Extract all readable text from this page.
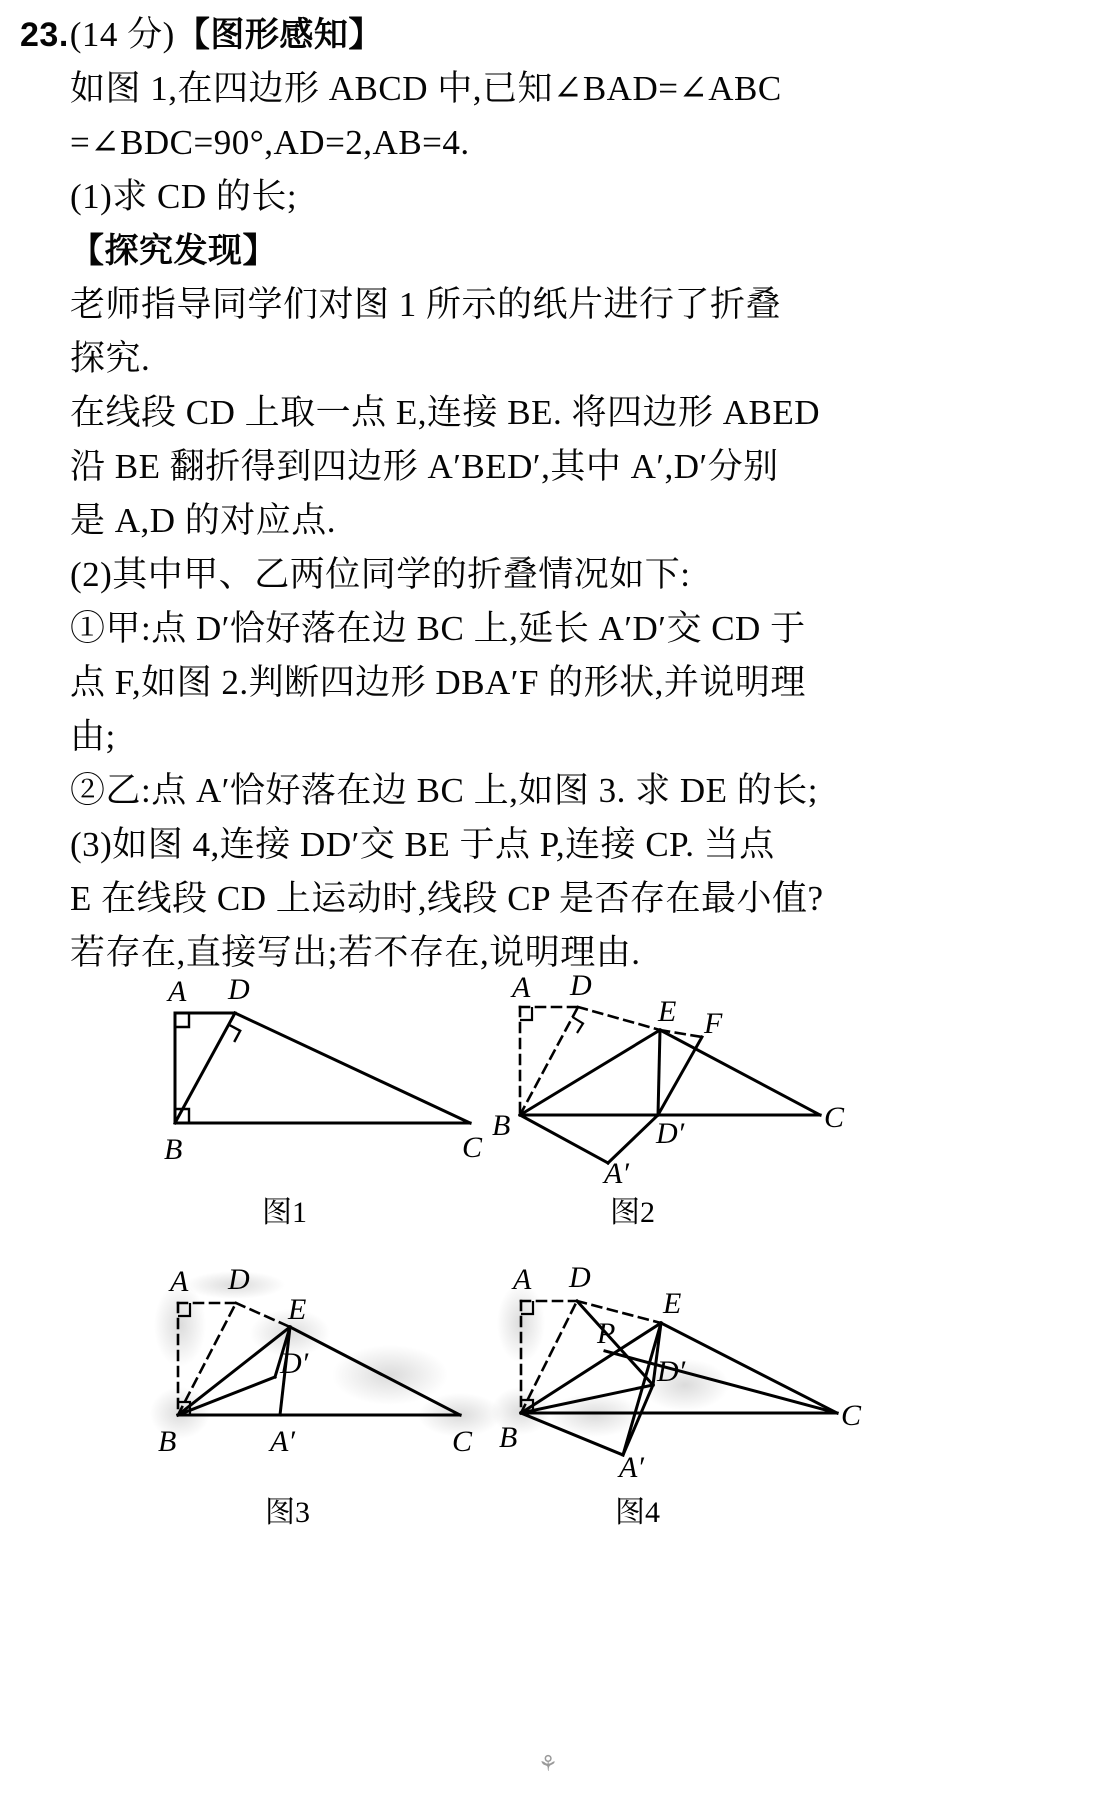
23.(14 分)【图形感知】
如图 1,在四边形 ABCD 中,已知∠BAD=∠ABC
=∠BDC=90°,AD=2,AB=4.
(1)求 CD 的长;
【探究发现】
老师指导同学们对图 1 所示的纸片进行了折叠
探究.
在线段 CD 上取一点 E,连接 BE. 将四边形 ABED
沿 BE 翻折得到四边形 A′BED′,其中 A′,D′分别
是 A,D 的对应点.
(2)其中甲、乙两位同学的折叠情况如下:
①甲:点 D′恰好落在边 BC 上,延长 A′D′交 CD 于
点 F,如图 2.判断四边形 DBA′F 的形状,并说明理
由;
②乙:点 A′恰好落在边 BC 上,如图 3. 求 DE 的长;
(3)如图 4,连接 DD′交 BE 于点 P,连接 CP. 当点
E 在线段 CD 上运动时,线段 CP 是否存在最小值?
若存在,直接写出;若不存在,说明理由.
A D
B	C
图1
A D
E F
B	D′	C
A′
图2
A D
E
D′
B	A′	C
图3
A D
E
P
D′
B
A′
C
图4
⚘
